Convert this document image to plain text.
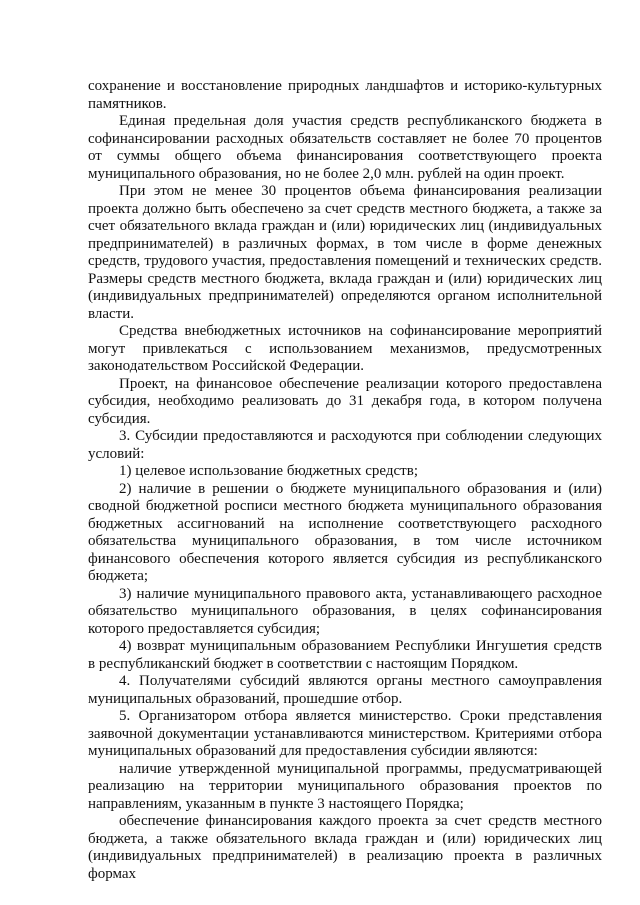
сохранение и восстановление природных ландшафтов и историко-культурных памятников.

Единая предельная доля участия средств республиканского бюджета в софинансировании расходных обязательств составляет не более 70 процентов от суммы общего объема финансирования соответствующего проекта муниципального образования, но не более 2,0 млн. рублей на один проект.

При этом не менее 30 процентов объема финансирования реализации проекта должно быть обеспечено за счет средств местного бюджета, а также за счет обязательного вклада граждан и (или) юридических лиц (индивидуальных предпринимателей) в различных формах, в том числе в форме денежных средств, трудового участия, предоставления помещений и технических средств. Размеры средств местного бюджета, вклада граждан и (или) юридических лиц (индивидуальных предпринимателей) определяются органом исполнительной власти.

Средства внебюджетных источников на софинансирование мероприятий могут привлекаться с использованием механизмов, предусмотренных законодательством Российской Федерации.

Проект, на финансовое обеспечение реализации которого предоставлена субсидия, необходимо реализовать до 31 декабря года, в котором получена субсидия.

3. Субсидии предоставляются и расходуются при соблюдении следующих условий:

1) целевое использование бюджетных средств;

2) наличие в решении о бюджете муниципального образования и (или) сводной бюджетной росписи местного бюджета муниципального образования бюджетных ассигнований на исполнение соответствующего расходного обязательства муниципального образования, в том числе источником финансового обеспечения которого является субсидия из республиканского бюджета;

3) наличие муниципального правового акта, устанавливающего расходное обязательство муниципального образования, в целях софинансирования которого предоставляется субсидия;

4) возврат муниципальным образованием Республики Ингушетия средств в республиканский бюджет в соответствии с настоящим Порядком.

4. Получателями субсидий являются органы местного самоуправления муниципальных образований, прошедшие отбор.

5. Организатором отбора является министерство. Сроки представления заявочной документации устанавливаются министерством. Критериями отбора муниципальных образований для предоставления субсидии являются:

наличие утвержденной муниципальной программы, предусматривающей реализацию на территории муниципального образования проектов по направлениям, указанным в пункте 3 настоящего Порядка;

обеспечение финансирования каждого проекта за счет средств местного бюджета, а также обязательного вклада граждан и (или) юридических лиц (индивидуальных предпринимателей) в реализацию проекта в различных формах
